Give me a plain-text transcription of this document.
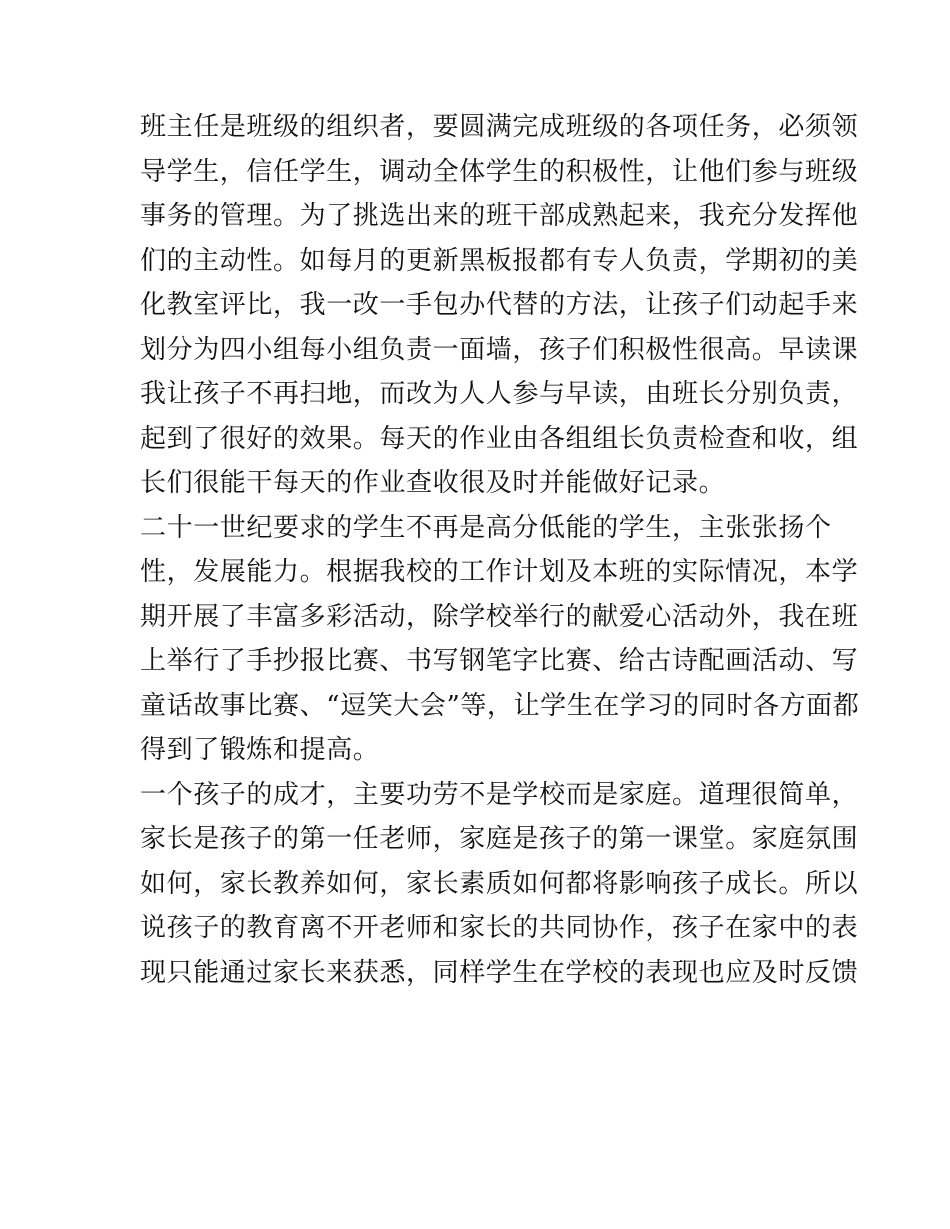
班主任是班级的组织者，要圆满完成班级的各项任务，必须领
导学生，信任学生，调动全体学生的积极性，让他们参与班级
事务的管理。为了挑选出来的班干部成熟起来，我充分发挥他
们的主动性。如每月的更新黑板报都有专人负责，学期初的美
化教室评比，我一改一手包办代替的方法，让孩子们动起手来
划分为四小组每小组负责一面墙，孩子们积极性很高。早读课
我让孩子不再扫地，而改为人人参与早读，由班长分别负责，
起到了很好的效果。每天的作业由各组组长负责检查和收，组
长们很能干每天的作业查收很及时并能做好记录。
二十一世纪要求的学生不再是高分低能的学生，主张张扬个
性，发展能力。根据我校的工作计划及本班的实际情况，本学
期开展了丰富多彩活动，除学校举行的献爱心活动外，我在班
上举行了手抄报比赛、书写钢笔字比赛、给古诗配画活动、写
童话故事比赛、“逗笑大会”等，让学生在学习的同时各方面都
得到了锻炼和提高。
一个孩子的成才，主要功劳不是学校而是家庭。道理很简单，
家长是孩子的第一任老师，家庭是孩子的第一课堂。家庭氛围
如何，家长教养如何，家长素质如何都将影响孩子成长。所以
说孩子的教育离不开老师和家长的共同协作，孩子在家中的表
现只能通过家长来获悉，同样学生在学校的表现也应及时反馈
